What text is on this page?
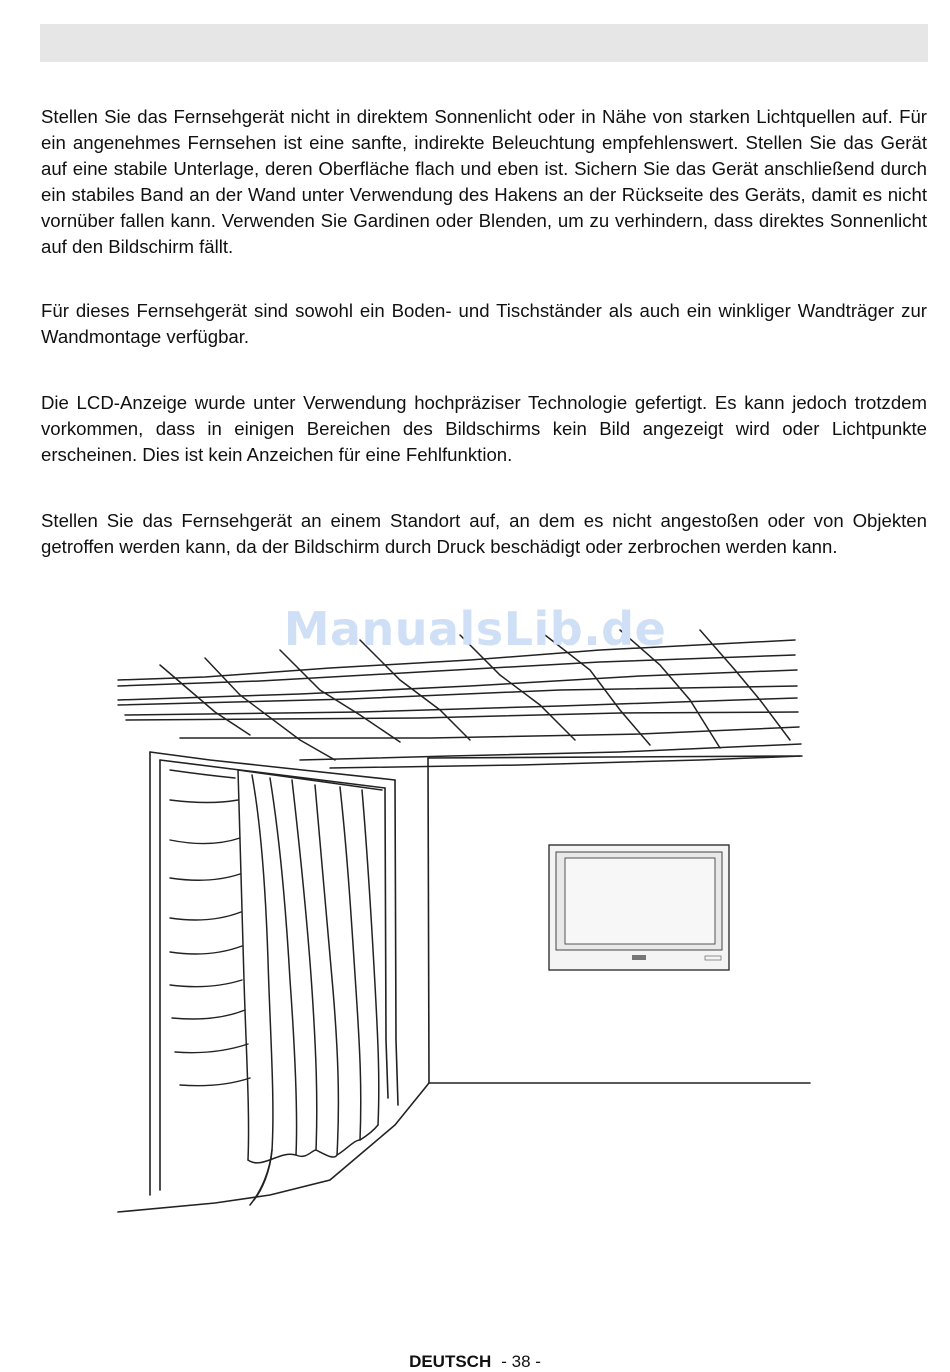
Stellen Sie das Fernsehgerät nicht in direktem Sonnenlicht oder in Nähe von starken Lichtquellen auf. Für ein angenehmes Fernsehen ist eine sanfte, indirekte Beleuchtung empfehlenswert. Stellen Sie das Gerät auf eine stabile Unterlage, deren Oberfläche flach und eben ist. Sichern Sie das Gerät anschließend durch ein stabiles Band an der Wand unter Verwendung des Hakens an der Rückseite des Geräts, damit es nicht vornüber fallen kann. Verwenden Sie Gardinen oder Blenden, um zu verhindern, dass direktes Sonnenlicht auf den Bildschirm fällt.

Für dieses Fernsehgerät sind sowohl ein Boden- und Tischständer als auch ein winkliger Wandträger zur Wandmontage verfügbar.

Die LCD-Anzeige wurde unter Verwendung hochpräziser Technologie gefertigt. Es kann jedoch trotzdem vorkommen, dass in einigen Bereichen des Bildschirms kein Bild angezeigt wird oder Lichtpunkte erscheinen. Dies ist kein Anzeichen für eine Fehlfunktion.

Stellen Sie das Fernsehgerät an einem Standort auf, an dem es nicht angestoßen oder von Objekten getroffen werden kann, da der Bildschirm durch Druck beschädigt oder zerbrochen werden kann.

ManualsLib.de
DEUTSCH - 38 -
